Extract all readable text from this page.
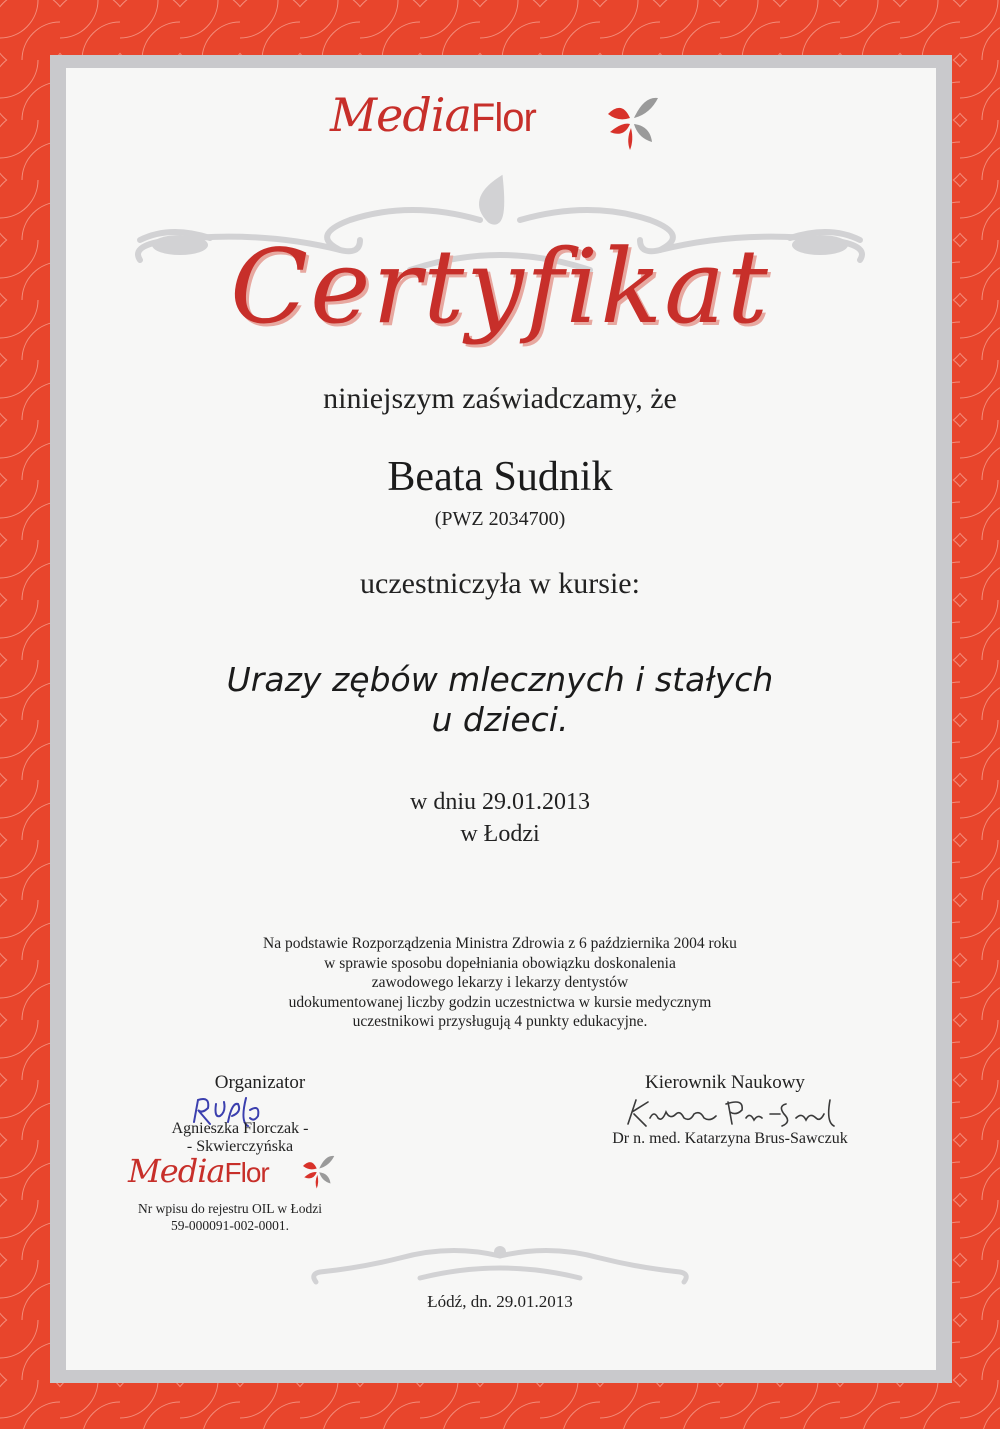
MediaFlor
Certyfikat
niniejszym zaświadczamy, że
Beata Sudnik
(PWZ 2034700)
uczestniczyła w kursie:
Urazy zębów mlecznych i stałych
u dzieci.
w dniu 29.01.2013
w Łodzi
Na podstawie Rozporządzenia Ministra Zdrowia z 6 października 2004 roku
w sprawie sposobu dopełniania obowiązku doskonalenia
zawodowego lekarzy i lekarzy dentystów
udokumentowanej liczby godzin uczestnictwa w kursie medycznym
uczestnikowi przysługują 4 punkty edukacyjne.
Organizator
Agnieszka Florczak -
- Skwierczyńska
MediaFlor
Nr wpisu do rejestru OIL w Łodzi
59-000091-002-0001.
Kierownik Naukowy
Dr n. med. Katarzyna Brus-Sawczuk
Łódź, dn. 29.01.2013
